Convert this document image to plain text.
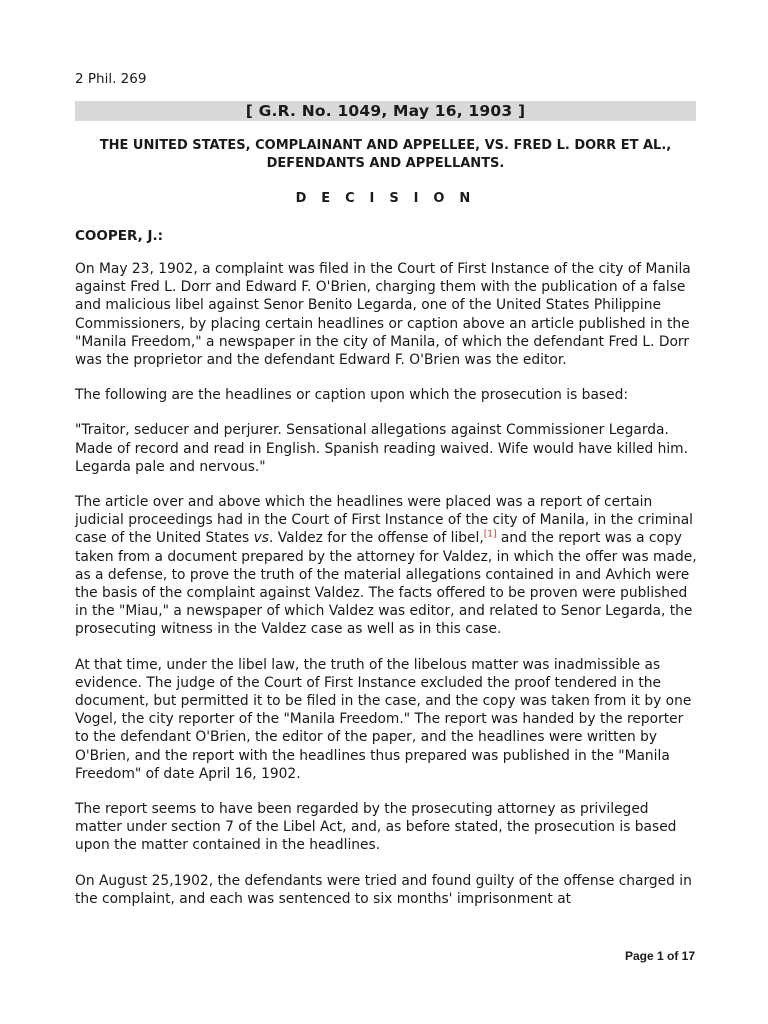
2 Phil. 269
[ G.R. No. 1049, May 16, 1903 ]
THE UNITED STATES, COMPLAINANT AND APPELLEE, VS. FRED L. DORR ET AL., DEFENDANTS AND APPELLANTS.
D E C I S I O N
COOPER, J.:

On May 23, 1902, a complaint was filed in the Court of First Instance of the city of Manila against Fred L. Dorr and Edward F. O'Brien, charging them with the publication of a false and malicious libel against Senor Benito Legarda, one of the United States Philippine Commissioners, by placing certain headlines or caption above an article published in the "Manila Freedom," a newspaper in the city of Manila, of which the defendant Fred L. Dorr was the proprietor and the defendant Edward F. O'Brien was the editor.

The following are the headlines or caption upon which the prosecution is based:

"Traitor, seducer and perjurer. Sensational allegations against Commissioner Legarda. Made of record and read in English. Spanish reading waived. Wife would have killed him. Legarda pale and nervous."

The article over and above which the headlines were placed was a report of certain judicial proceedings had in the Court of First Instance of the city of Manila, in the criminal case of the United States vs. Valdez for the offense of libel,[1] and the report was a copy taken from a document prepared by the attorney for Valdez, in which the offer was made, as a defense, to prove the truth of the material allegations contained in and Avhich were the basis of the complaint against Valdez. The facts offered to be proven were published in the "Miau," a newspaper of which Valdez was editor, and related to Senor Legarda, the prosecuting witness in the Valdez case as well as in this case.

At that time, under the libel law, the truth of the libelous matter was inadmissible as evidence. The judge of the Court of First Instance excluded the proof tendered in the document, but permitted it to be filed in the case, and the copy was taken from it by one Vogel, the city reporter of the "Manila Freedom." The report was handed by the reporter to the defendant O'Brien, the editor of the paper, and the headlines were written by O'Brien, and the report with the headlines thus prepared was published in the "Manila Freedom" of date April 16, 1902.

The report seems to have been regarded by the prosecuting attorney as privileged matter under section 7 of the Libel Act, and, as before stated, the prosecution is based upon the matter contained in the headlines.

On August 25,1902, the defendants were tried and found guilty of the offense charged in the complaint, and each was sentenced to six months' imprisonment at

Page 1 of 17
